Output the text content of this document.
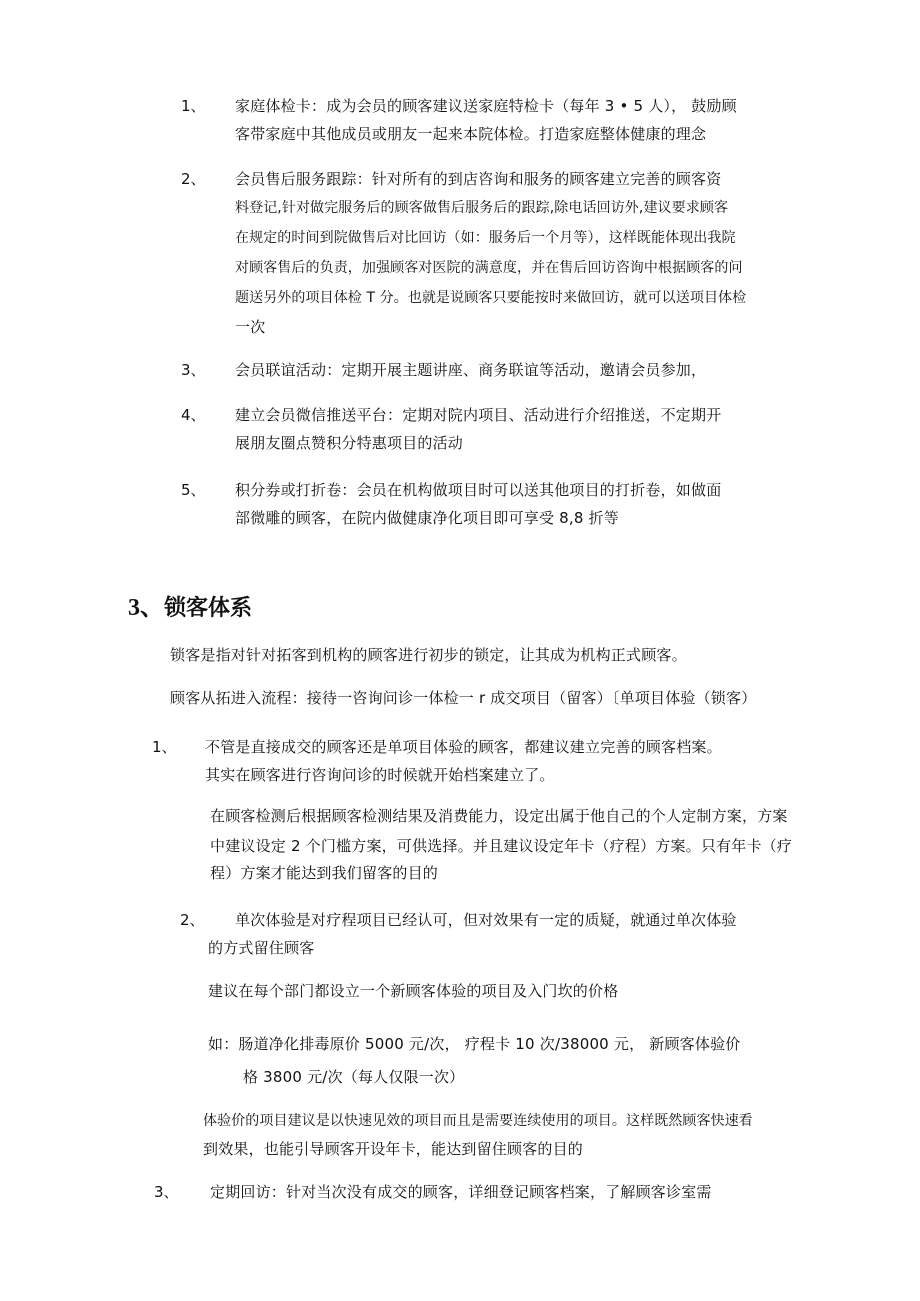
1、 家庭体检卡：成为会员的顾客建议送家庭特检卡（每年 3 • 5 人）， 鼓励顾

客带家庭中其他成员或朋友一起来本院体检。打造家庭整体健康的理念

2、 会员售后服务跟踪：针对所有的到店咨询和服务的顾客建立完善的顾客资

料登记,针对做完服务后的顾客做售后服务后的跟踪,除电话回访外,建议要求顾客

在规定的时间到院做售后对比回访（如：服务后一个月等），这样既能体现出我院

对顾客售后的负责，加强顾客对医院的满意度，并在售后回访咨询中根据顾客的问

题送另外的项目体检 T 分。也就是说顾客只要能按时来做回访，就可以送项目体检

一次

3、 会员联谊活动：定期开展主题讲座、商务联谊等活动，邀请会员参加，

4、 建立会员微信推送平台：定期对院内项目、活动进行介绍推送，不定期开

展朋友圈点赞积分特惠项目的活动

5、 积分券或打折卷：会员在机构做项目时可以送其他项目的打折卷，如做面

部微雕的顾客，在院内做健康净化项目即可享受 8,8 折等

3、锁客体系

锁客是指对针对拓客到机构的顾客进行初步的锁定，让其成为机构正式顾客。

顾客从拓进入流程：接待一咨询问诊一体检一 r 成交项目（留客）〔单项目体验（锁客）

1、 不管是直接成交的顾客还是单项目体验的顾客，都建议建立完善的顾客档案。

其实在顾客进行咨询问诊的时候就开始档案建立了。

在顾客检测后根据顾客检测结果及消费能力，设定出属于他自己的个人定制方案，方案

中建议设定 2 个门槛方案，可供选择。并且建议设定年卡（疗程）方案。只有年卡（疗

程）方案才能达到我们留客的目的

2、 单次体验是对疗程项目已经认可，但对效果有一定的质疑，就通过单次体验

的方式留住顾客

建议在每个部门都设立一个新顾客体验的项目及入门坎的价格

如：肠道净化排毒原价 5000 元/次， 疗程卡 10 次/38000 元， 新顾客体验价

格 3800 元/次（每人仅限一次）

体验价的项目建议是以快速见效的项目而且是需要连续使用的项目。这样既然顾客快速看

到效果，也能引导顾客开设年卡，能达到留住顾客的目的

3、 定期回访：针对当次没有成交的顾客，详细登记顾客档案，了解顾客诊室需
